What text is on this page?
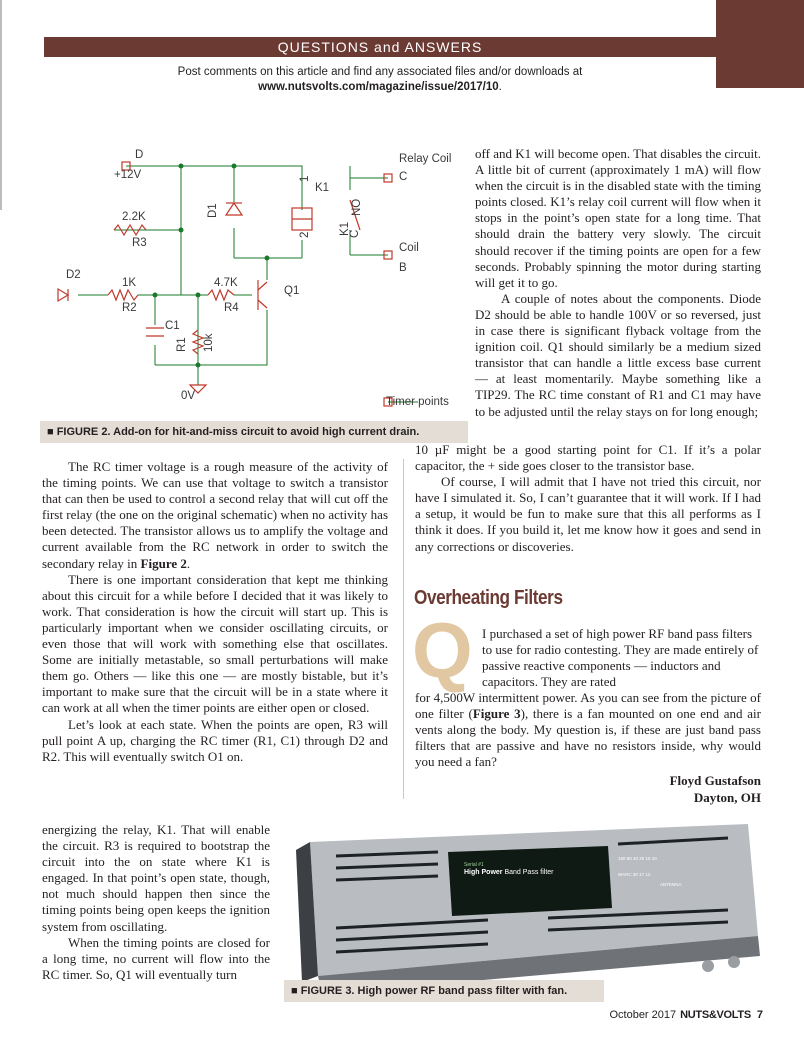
QUESTIONS and ANSWERS
Post comments on this article and find any associated files and/or downloads at
www.nutsvolts.com/magazine/issue/2017/10.
D
+12V
2.2K
R3
D1
Relay Coil
C
K1
1
2 K1
NO
C
Coil
B
D2
1K
R2
4.7K
R4
Q1
C1
R1 10k
0V	Timer points
■ FIGURE 2. Add-on for hit-and-miss circuit to avoid high current drain.

off and K1 will become open. That disables the circuit. A little bit of current (approximately 1 mA) will flow when the circuit is in the disabled state with the timing points closed. K1’s relay coil current will flow when it stops in the point’s open state for a long time. That should drain the battery very slowly. The circuit should recover if the timing points are open for a few seconds. Probably spinning the motor during starting will get it to go.

A couple of notes about the components. Diode D2 should be able to handle 100V or so reversed, just in case there is significant flyback voltage from the ignition coil. Q1 should similarly be a medium sized transistor that can handle a little excess base current — at least momentarily. Maybe something like a TIP29. The RC time constant of R1 and C1 may have to be adjusted until the relay stays on for long enough;

10 µF might be a good starting point for C1. If it’s a polar capacitor, the + side goes closer to the transistor base.

Of course, I will admit that I have not tried this circuit, nor have I simulated it. So, I can’t guarantee that it will work. If I had a setup, it would be fun to make sure that this all performs as I think it does. If you build it, let me know how it goes and send in any corrections or discoveries.

The RC timer voltage is a rough measure of the activity of the timing points. We can use that voltage to switch a transistor that can then be used to control a second relay that will cut off the first relay (the one on the original schematic) when no activity has been detected. The transistor allows us to amplify the voltage and current available from the RC network in order to switch the secondary relay in Figure 2.

There is one important consideration that kept me thinking about this circuit for a while before I decided that it was likely to work. That consideration is how the circuit will start up. This is particularly important when we consider oscillating circuits, or even those that will work with something else that oscillates. Some are initially metastable, so small perturbations will make them go. Others — like this one — are mostly bistable, but it’s important to make sure that the circuit will be in a state where it can work at all when the timer points are either open or closed.

Let’s look at each state. When the points are open, R3 will pull point A up, charging the RC timer (R1, C1) through D2 and R2. This will eventually switch O1 on.

energizing the relay, K1. That will enable the circuit. R3 is required to bootstrap the circuit into the on state where K1 is engaged. In that point’s open state, though, not much should happen then since the timing points being open keeps the ignition system from oscillating.

When the timing points are closed for a long time, no current will flow into the RC timer. So, Q1 will eventually turn

Overheating Filters
Q I purchased a set of high power RF band pass filters to use for radio contesting. They are made entirely of passive reactive components — inductors and capacitors. They are rated

for 4,500W intermittent power. As you can see from the picture of one filter (Figure 3), there is a fan mounted on one end and air vents along the body. My question is, if these are just band pass filters that are passive and have no resistors inside, why would you need a fan?

Floyd Gustafson
Dayton, OH
Serial #1
High Power Band Pass filter
160 80 40 20 15 10
WARC 30 17 12
ANTENNA
■ FIGURE 3. High power RF band pass filter with fan.
October 2017 NUTS&VOLTS 7
